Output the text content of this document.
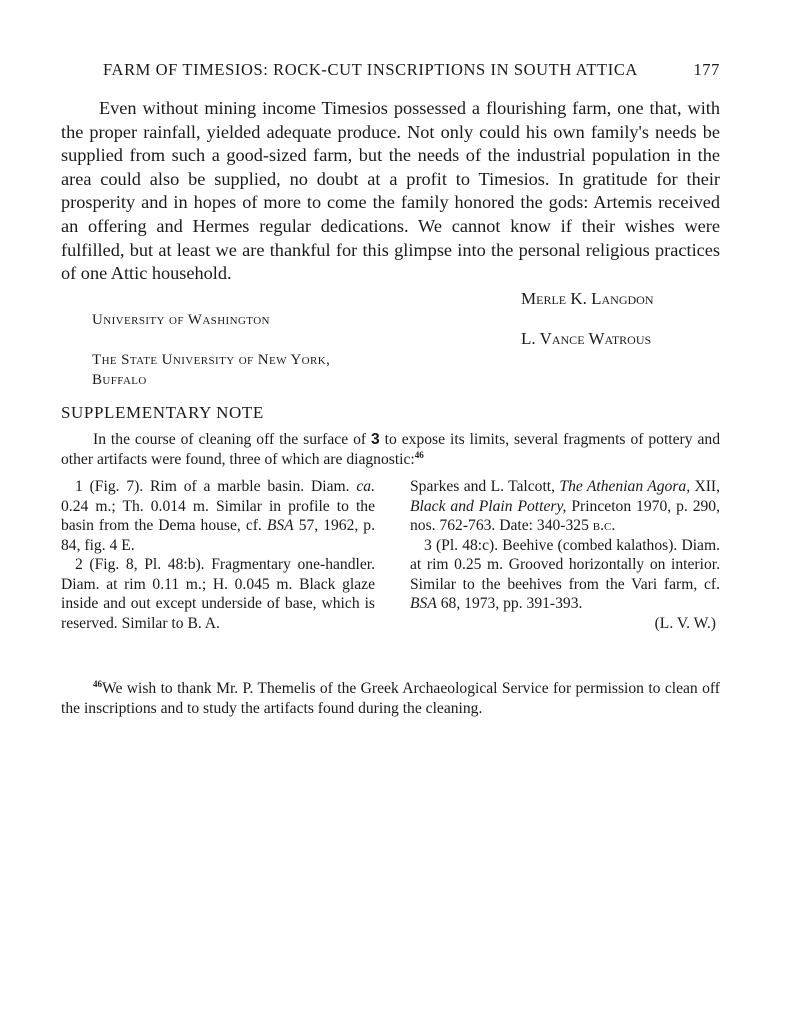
FARM OF TIMESIOS: ROCK-CUT INSCRIPTIONS IN SOUTH ATTICA	177

Even without mining income Timesios possessed a flourishing farm, one that, with the proper rainfall, yielded adequate produce. Not only could his own family's needs be supplied from such a good-sized farm, but the needs of the industrial population in the area could also be supplied, no doubt at a profit to Timesios. In gratitude for their prosperity and in hopes of more to come the family honored the gods: Artemis received an offering and Hermes regular dedications. We cannot know if their wishes were fulfilled, but at least we are thankful for this glimpse into the personal religious practices of one Attic household.

Merle K. Langdon
University of Washington
L. Vance Watrous
The State University of New York,
Buffalo
SUPPLEMENTARY NOTE

In the course of cleaning off the surface of 3 to expose its limits, several fragments of pottery and other artifacts were found, three of which are diagnostic:$^{46}$

1 (Fig. 7). Rim of a marble basin. Diam. ca. 0.24 m.; Th. 0.014 m. Similar in profile to the basin from the Dema house, cf. BSA 57, 1962, p. 84, fig. 4 E.

2 (Fig. 8, Pl. 48:b). Fragmentary one-handler. Diam. at rim 0.11 m.; H. 0.045 m. Black glaze inside and out except underside of base, which is reserved. Similar to B. A.

Sparkes and L. Talcott, The Athenian Agora, XII, Black and Plain Pottery, Princeton 1970, p. 290, nos. 762-763. Date: 340-325 b.c.

3 (Pl. 48:c). Beehive (combed kalathos). Diam. at rim 0.25 m. Grooved horizontally on interior. Similar to the beehives from the Vari farm, cf. BSA 68, 1973, pp. 391-393.

(L. V. W.)

$^{46}$We wish to thank Mr. P. Themelis of the Greek Archaeological Service for permission to clean off the inscriptions and to study the artifacts found during the cleaning.
